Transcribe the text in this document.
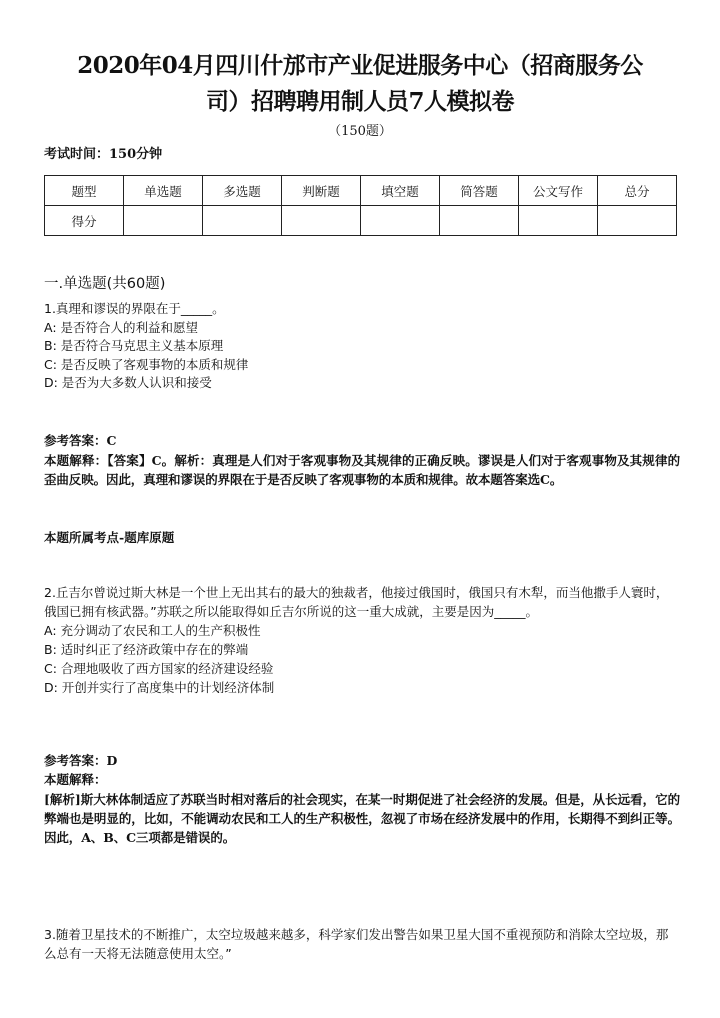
2020年04月四川什邡市产业促进服务中心（招商服务公
司）招聘聘用制人员7人模拟卷
（150题）
考试时间：150分钟
题型	单选题	多选题	判断题	填空题	简答题	公文写作	总分
得分							
一.单选题(共60题)
1.真理和谬误的界限在于_____。
A: 是否符合人的利益和愿望
B: 是否符合马克思主义基本原理
C: 是否反映了客观事物的本质和规律
D: 是否为大多数人认识和接受
参考答案：C
本题解释：【答案】C。解析：真理是人们对于客观事物及其规律的正确反映。谬误是人们对于客观事物及其规律的歪曲反映。因此，真理和谬误的界限在于是否反映了客观事物的本质和规律。故本题答案选C。
本题所属考点-题库原题
2.丘吉尔曾说过斯大林是一个世上无出其右的最大的独裁者，他接过俄国时，俄国只有木犁，而当他撒手人寰时，俄国已拥有核武器。”苏联之所以能取得如丘吉尔所说的这一重大成就，主要是因为_____。
A: 充分调动了农民和工人的生产积极性
B: 适时纠正了经济政策中存在的弊端
C: 合理地吸收了西方国家的经济建设经验
D: 开创并实行了高度集中的计划经济体制
参考答案：D
本题解释：
[解析]斯大林体制适应了苏联当时相对落后的社会现实，在某一时期促进了社会经济的发展。但是，从长远看，它的弊端也是明显的，比如，不能调动农民和工人的生产积极性，忽视了市场在经济发展中的作用，长期得不到纠正等。因此，A、B、C三项都是错误的。
3.随着卫星技术的不断推广，太空垃圾越来越多，科学家们发出警告如果卫星大国不重视预防和消除太空垃圾，那么总有一天将无法随意使用太空。”
